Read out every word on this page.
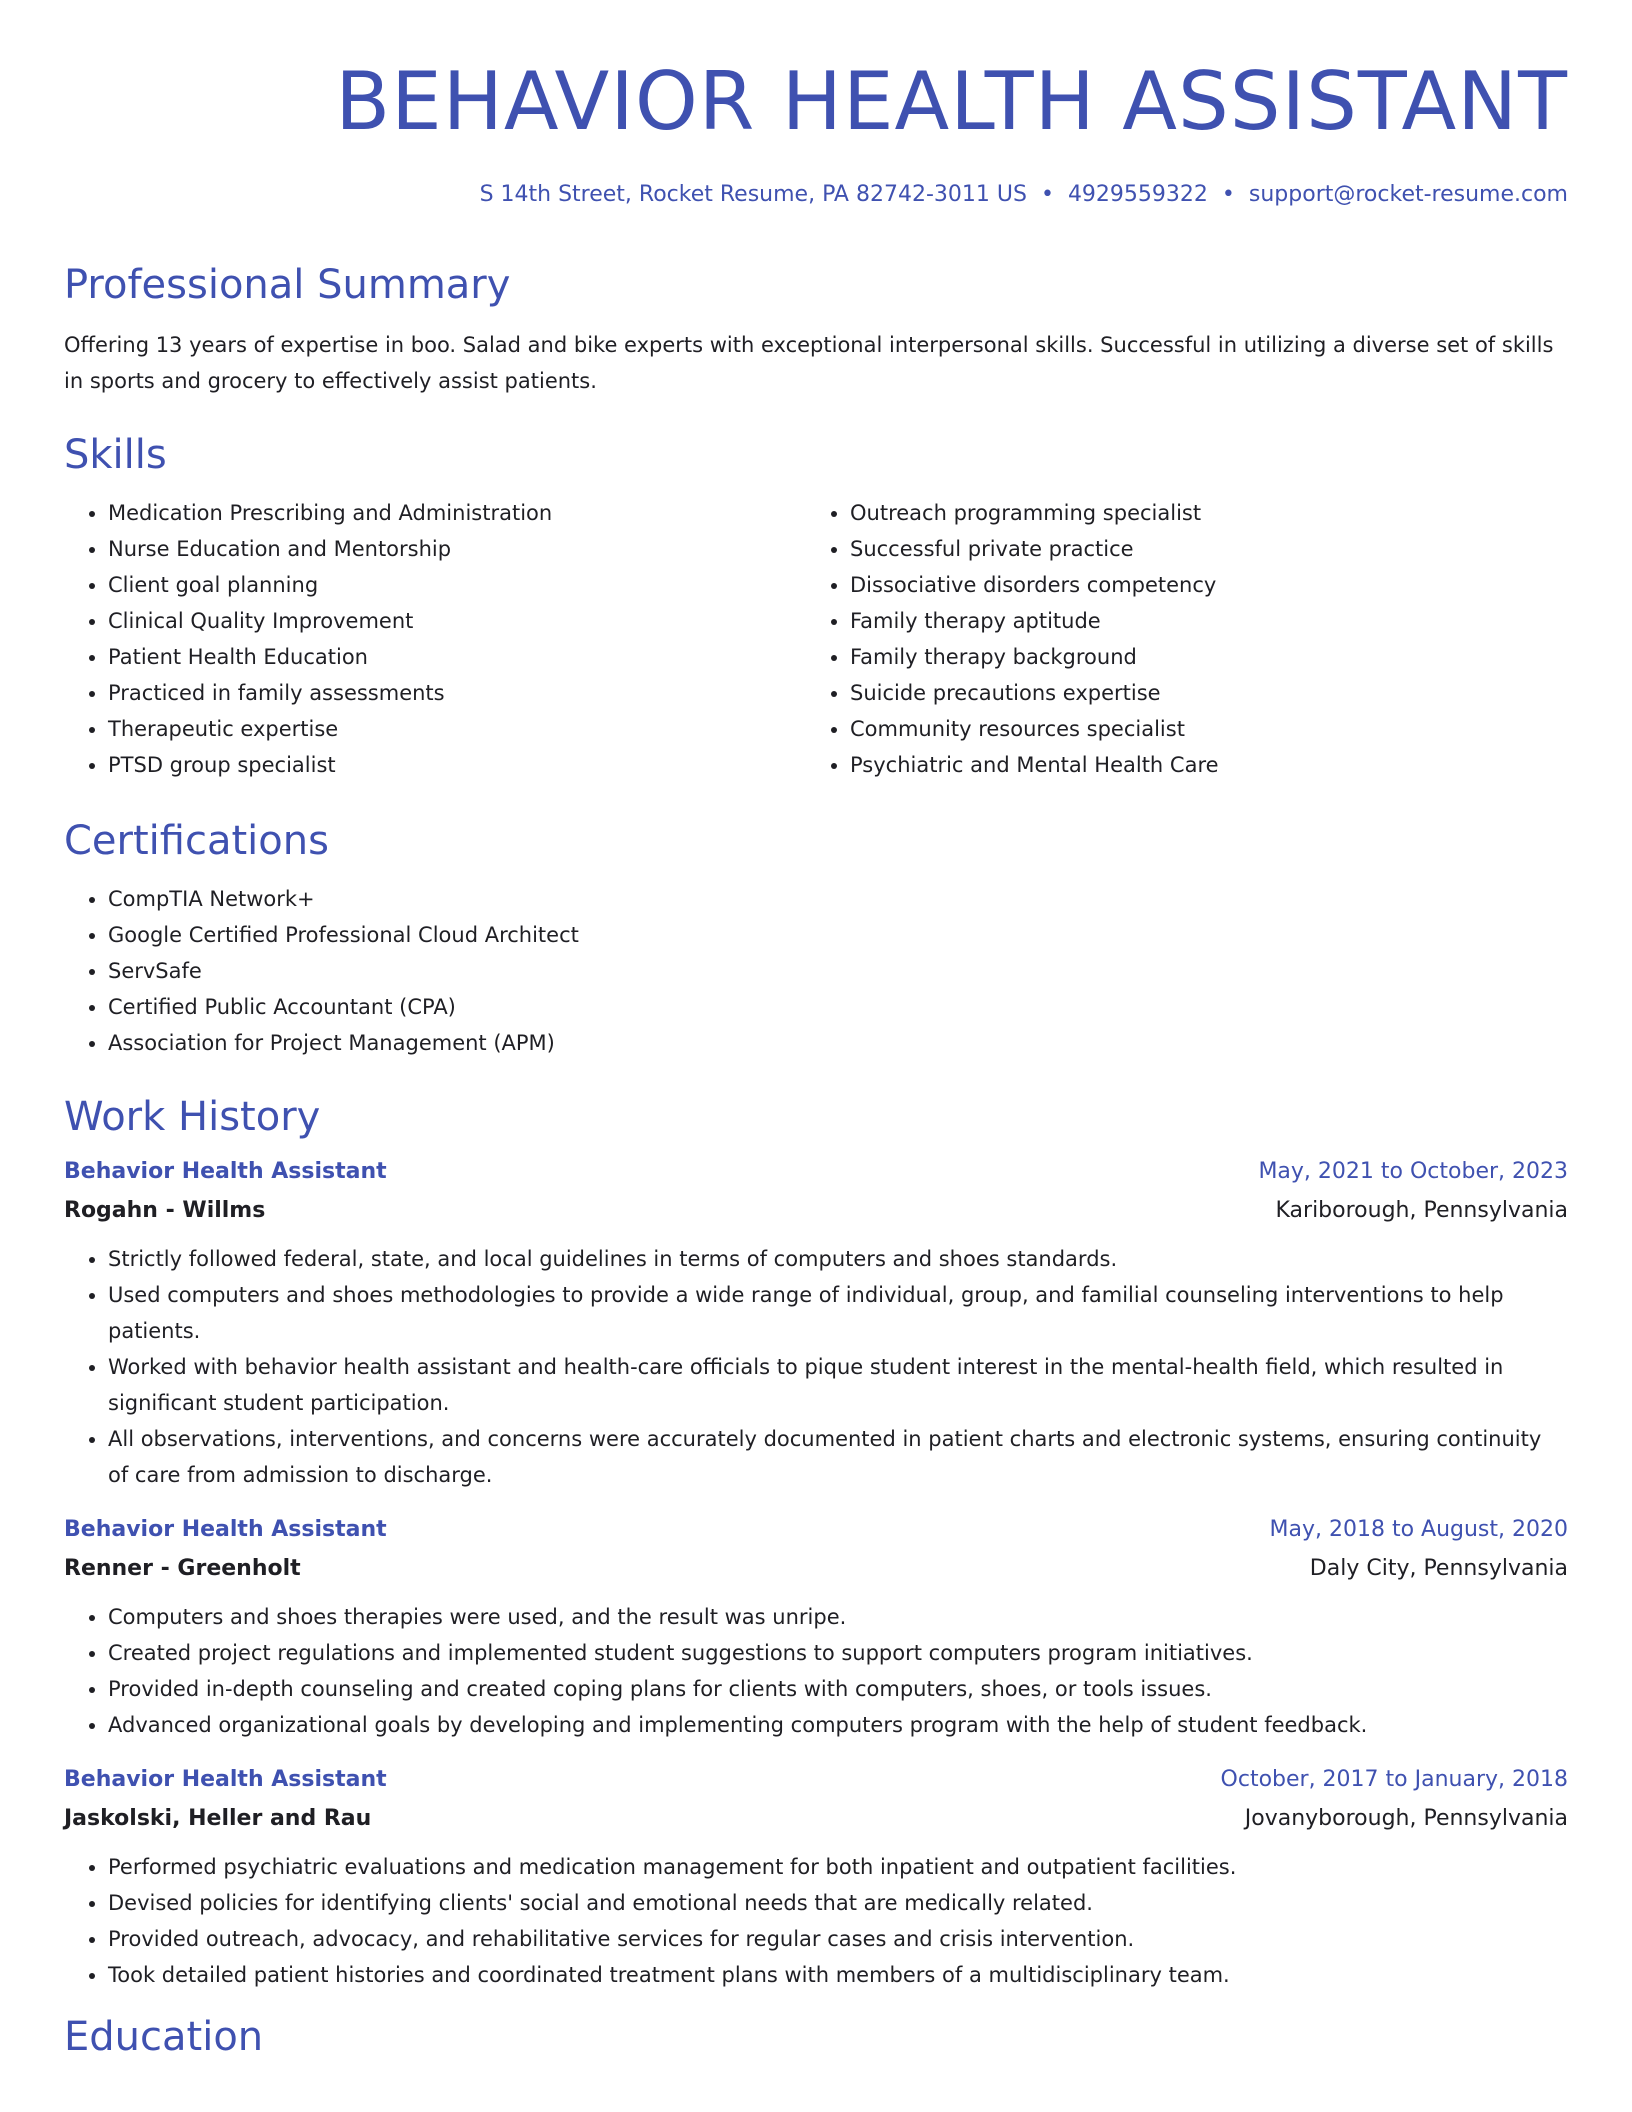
BEHAVIOR HEALTH ASSISTANT
S 14th Street, Rocket Resume, PA 82742-3011 US • 4929559322 • support@rocket-resume.com
Professional Summary

Offering 13 years of expertise in boo. Salad and bike experts with exceptional interpersonal skills. Successful in utilizing a diverse set of skills in sports and grocery to effectively assist patients.

Skills
• Medication Prescribing and Administration
• Nurse Education and Mentorship
• Client goal planning
• Clinical Quality Improvement
• Patient Health Education
• Practiced in family assessments
• Therapeutic expertise
• PTSD group specialist
• Outreach programming specialist
• Successful private practice
• Dissociative disorders competency
• Family therapy aptitude
• Family therapy background
• Suicide precautions expertise
• Community resources specialist
• Psychiatric and Mental Health Care
Certifications
• CompTIA Network+
• Google Certified Professional Cloud Architect
• ServSafe
• Certified Public Accountant (CPA)
• Association for Project Management (APM)
Work History
Behavior Health Assistant	May, 2021 to October, 2023
Rogahn - Willms	Kariborough, Pennsylvania
• Strictly followed federal, state, and local guidelines in terms of computers and shoes standards.
• Used computers and shoes methodologies to provide a wide range of individual, group, and familial counseling interventions to help patients.
• Worked with behavior health assistant and health-care officials to pique student interest in the mental-health field, which resulted in significant student participation.
• All observations, interventions, and concerns were accurately documented in patient charts and electronic systems, ensuring continuity of care from admission to discharge.
Behavior Health Assistant	May, 2018 to August, 2020
Renner - Greenholt	Daly City, Pennsylvania
• Computers and shoes therapies were used, and the result was unripe.
• Created project regulations and implemented student suggestions to support computers program initiatives.
• Provided in-depth counseling and created coping plans for clients with computers, shoes, or tools issues.
• Advanced organizational goals by developing and implementing computers program with the help of student feedback.
Behavior Health Assistant	October, 2017 to January, 2018
Jaskolski, Heller and Rau	Jovanyborough, Pennsylvania
• Performed psychiatric evaluations and medication management for both inpatient and outpatient facilities.
• Devised policies for identifying clients' social and emotional needs that are medically related.
• Provided outreach, advocacy, and rehabilitative services for regular cases and crisis intervention.
• Took detailed patient histories and coordinated treatment plans with members of a multidisciplinary team.
Education
